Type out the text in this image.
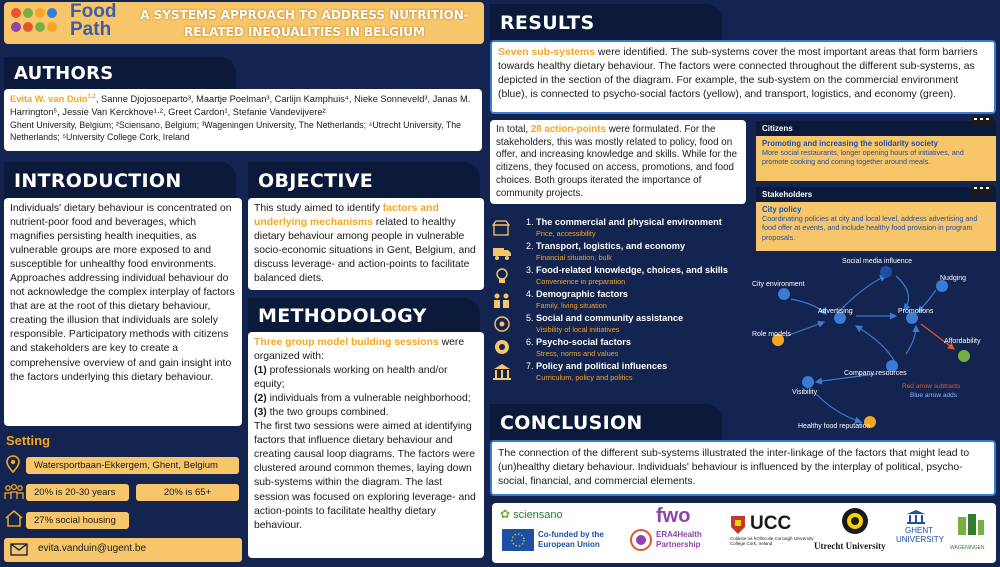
Food
Path
A SYSTEMS APPROACH TO ADDRESS NUTRITION-RELATED INEQUALITIES IN BELGIUM
AUTHORS
Evita W. van Duin$^{1,2}$, Sanne Djojosoeparto³, Maartje Poelman³, Carlijn Kamphuis⁴, Nieke Sonneveld³, Janas M. Harrington⁵, Jessie Van Kerckhove¹·², Greet Cardon¹, Stefanie Vandevijvere²
Ghent University, Belgium; ²Sciensano, Belgium; ³Wageningen University, The Netherlands; ⁴Utrecht University, The Netherlands; ⁵University College Cork, Ireland
INTRODUCTION
Individuals' dietary behaviour is concentrated on nutrient-poor food and beverages, which magnifies persisting health inequities, as vulnerable groups are more exposed to and susceptible for unhealthy food environments. Approaches addressing individual behaviour do not acknowledge the complex interplay of factors that are at the root of this dietary behaviour, creating the illusion that individuals are solely responsible. Participatory methods with citizens and stakeholders are key to create a comprehensive overview of and gain insight into the factors underlying this dietary behaviour.
Setting
Watersportbaan-Ekkergem, Ghent, Belgium
20% is 20-30 years	20% is 65+
27% social housing
evita.vanduin@ugent.be
OBJECTIVE
This study aimed to identify factors and underlying mechanisms related to healthy dietary behaviour among people in vulnerable socio-economic situations in Gent, Belgium, and discuss leverage- and action-points to facilitate balanced diets.
METHODOLOGY
Three group model building sessions were organized with:
(1) professionals working on health and/or equity;
(2) individuals from a vulnerable neighborhood;
(3) the two groups combined.
The first two sessions were aimed at identifying factors that influence dietary behaviour and creating causal loop diagrams. The factors were clustered around common themes, laying down sub-systems within the diagram. The last session was focused on exploring leverage- and action-points to facilitate healthy dietary behaviour.
RESULTS
Seven sub-systems were identified. The sub-systems cover the most important areas that form barriers towards healthy dietary behaviour. The factors were connected throughout the different sub-systems, as depicted in the section of the diagram. For example, the sub-system on the commercial environment (blue), is connected to psycho-social factors (yellow), and transport, logistics, and economy (green).
In total, 28 action-points were formulated. For the stakeholders, this was mostly related to policy, food on offer, and increasing knowledge and skills. While for the citizens, they focused on access, promotions, and food choices. Both groups iterated the importance of community projects.
1. The commercial and physical environment
Price, accessibility
2. Transport, logistics, and economy
Financial situation, bulk
3. Food-related knowledge, choices, and skills
Convenience in preparation
4. Demographic factors
Family, living situation
5. Social and community assistance
Visibility of local initiatives
6. Psycho-social factors
Stress, norms and values
7. Policy and political influences
Curriculum, policy and politics
Citizens
Promoting and increasing the solidarity society
More social restaurants, longer opening hours of initiatives, and promote cooking and coming together around meals.
Stakeholders
City policy
Coordinating policies at city and local level, address advertising and food offer at events, and include healthy food provision in program proposals.
Social media influence
Nudging
City environment
Advertising	Promotions
Role models
Affordability
Company resources
Visibility
Healthy food reputation
Red arrow subtracts
Blue arrow adds
CONCLUSION
The connection of the different sub-systems illustrated the inter-linkage of the factors that might lead to (un)healthy dietary behaviour. Individuals' behaviour is influenced by the interplay of political, psycho-social, financial, and commercial elements.
✿ sciensano
Co-funded by the European Union
fwo
ERA4Health Partnership
UCC
Coláiste na hOllscoile Corcaigh University College Cork, Ireland	Utrecht University
GHENT UNIVERSITY
WAGENINGEN
